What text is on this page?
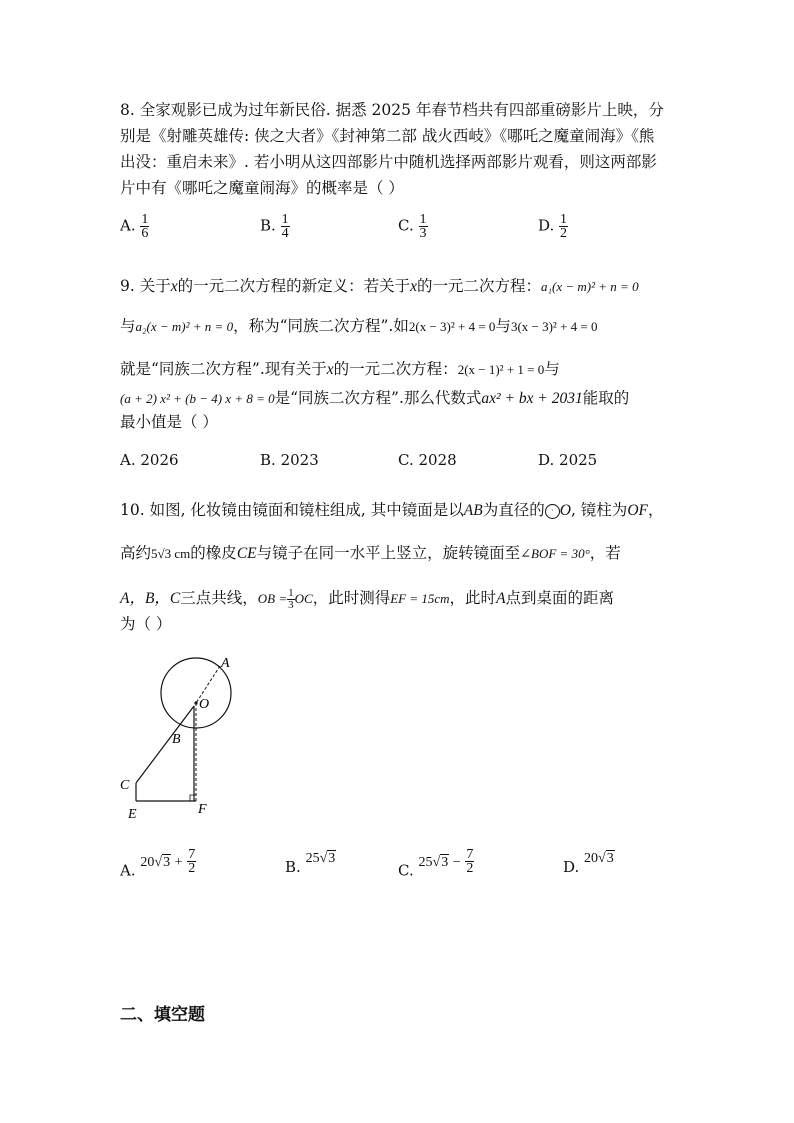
8. 全家观影已成为过年新民俗. 据悉 2025 年春节档共有四部重磅影片上映，分
别是《射雕英雄传: 侠之大者》《封神第二部 战火西岐》《哪吒之魔童闹海》《熊
出没：重启未来》. 若小明从这四部影片中随机选择两部影片观看，则这两部影
片中有《哪吒之魔童闹海》的概率是（ ）
A. $\frac{1}{6}$	B. $\frac{1}{4}$	C. $\frac{1}{3}$	D. $\frac{1}{2}$
9. 关于x的一元二次方程的新定义：若关于x的一元二次方程：a₁(x − m)² + n = 0
与a₂(x − m)² + n = 0，称为“同族二次方程”.如2(x − 3)² + 4 = 0与3(x − 3)² + 4 = 0
就是“同族二次方程”.现有关于x的一元二次方程：2(x − 1)² + 1 = 0与
(a + 2) x² + (b − 4) x + 8 = 0是“同族二次方程”.那么代数式ax² + bx + 2031能取的
最小值是（ ）
A. 2026	B. 2023	C. 2028	D. 2025
10. 如图, 化妆镜由镜面和镜柱组成, 其中镜面是以AB为直径的 · O, 镜柱为OF，
高约5√3 cm的橡皮CE与镜子在同一水平上竖立，旋转镜面至∠BOF = 30°，若
A，B，C三点共线，OB = $\frac{1}{3}$ OC，此时测得EF = 15cm，此时A点到桌面的距离
为（ ）
A
O
B
C
E	F
A. $20√3 + \frac{7}{2}$	B. 25√3
C. $25√3 - \frac{7}{2}$	D. 20√3
二、填空题
